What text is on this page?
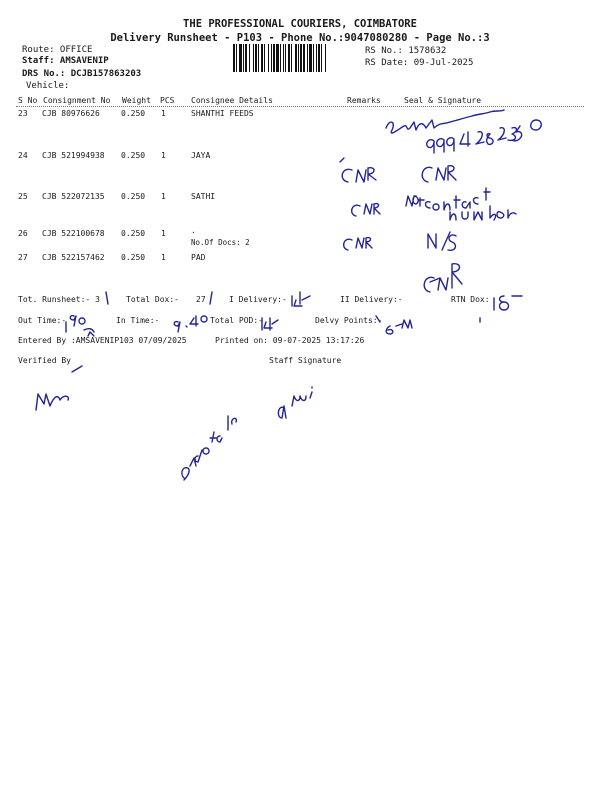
THE PROFESSIONAL COURIERS, COIMBATORE
Delivery Runsheet - P103 - Phone No.:9047080280 - Page No.:3
Route: OFFICE
Staff: AMSAVENIP
DRS No.: DCJB157863203
Vehicle:
RS No.: 1578632
RS Date: 09-Jul-2025
S No Consignment No Weight PCS Consignee Details	Remarks	Seal & Signature
23 CJB 80976626	0.250 1	SHANTHI FEEDS
24 CJB 521994938 0.250 1	JAYA
25 CJB 522072135 0.250 1	SATHI
26 CJB 522100678 0.250 1	.
No.Of Docs: 2
27 CJB 522157462 0.250 1	PAD
Tot. Runsheet:- 3	Total Dox:- 27	I Delivery:-	II Delivery:-	RTN Dox:
Out Time:-	In Time:-	Total POD:-	Delvy Points:-
Entered By :AMSAVENIP103 07/09/2025	Printed on: 09-07-2025 13:17:26
Verified By	Staff Signature
